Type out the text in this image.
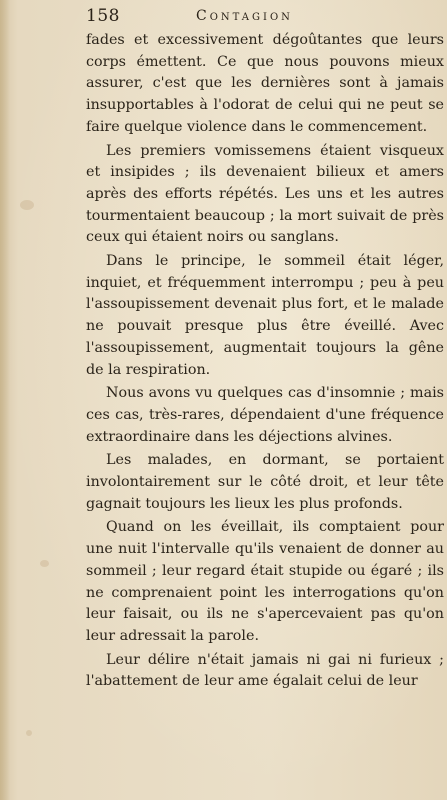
158	Contagion

fades et excessivement dégoûtantes que leurs corps émettent. Ce que nous pouvons mieux assurer, c'est que les dernières sont à jamais insupportables à l'odorat de celui qui ne peut se faire quelque violence dans le commencement.

Les premiers vomissemens étaient visqueux et insipides ; ils devenaient bilieux et amers après des efforts répétés. Les uns et les autres tourmentaient beaucoup ; la mort suivait de près ceux qui étaient noirs ou sanglans.

Dans le principe, le sommeil était léger, inquiet, et fréquemment interrompu ; peu à peu l'assoupissement devenait plus fort, et le malade ne pouvait presque plus être éveillé. Avec l'assoupissement, augmentait toujours la gêne de la respiration.

Nous avons vu quelques cas d'insomnie ; mais ces cas, très-rares, dépendaient d'une fréquence extraordinaire dans les déjections alvines.

Les malades, en dormant, se portaient involontairement sur le côté droit, et leur tête gagnait toujours les lieux les plus profonds.

Quand on les éveillait, ils comptaient pour une nuit l'intervalle qu'ils venaient de donner au sommeil ; leur regard était stupide ou égaré ; ils ne comprenaient point les interrogations qu'on leur faisait, ou ils ne s'apercevaient pas qu'on leur adressait la parole.

Leur délire n'était jamais ni gai ni furieux ; l'abattement de leur ame égalait celui de leur
